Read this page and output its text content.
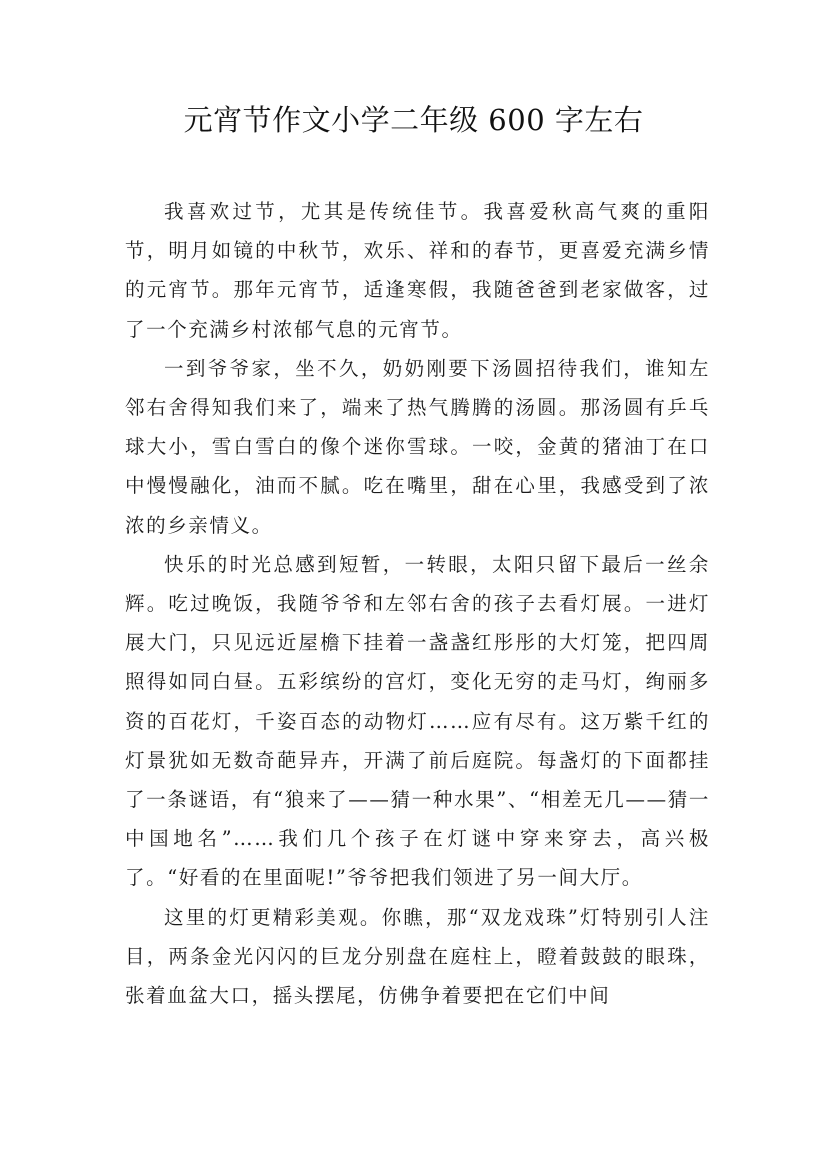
元宵节作文小学二年级 600 字左右

我喜欢过节，尤其是传统佳节。我喜爱秋高气爽的重阳节，明月如镜的中秋节，欢乐、祥和的春节，更喜爱充满乡情的元宵节。那年元宵节，适逢寒假，我随爸爸到老家做客，过了一个充满乡村浓郁气息的元宵节。

一到爷爷家，坐不久，奶奶刚要下汤圆招待我们，谁知左邻右舍得知我们来了，端来了热气腾腾的汤圆。那汤圆有乒乓球大小，雪白雪白的像个迷你雪球。一咬，金黄的猪油丁在口中慢慢融化，油而不腻。吃在嘴里，甜在心里，我感受到了浓浓的乡亲情义。

快乐的时光总感到短暂，一转眼，太阳只留下最后一丝余辉。吃过晚饭，我随爷爷和左邻右舍的孩子去看灯展。一进灯展大门，只见远近屋檐下挂着一盏盏红彤彤的大灯笼，把四周照得如同白昼。五彩缤纷的宫灯，变化无穷的走马灯，绚丽多资的百花灯，千姿百态的动物灯……应有尽有。这万紫千红的灯景犹如无数奇葩异卉，开满了前后庭院。每盏灯的下面都挂了一条谜语，有“狼来了——猜一种水果”、“相差无几——猜一中国地名”……我们几个孩子在灯谜中穿来穿去，高兴极了。“好看的在里面呢!”爷爷把我们领进了另一间大厅。

这里的灯更精彩美观。你瞧，那“双龙戏珠”灯特别引人注目，两条金光闪闪的巨龙分别盘在庭柱上，瞪着鼓鼓的眼珠，张着血盆大口，摇头摆尾，仿佛争着要把在它们中间
